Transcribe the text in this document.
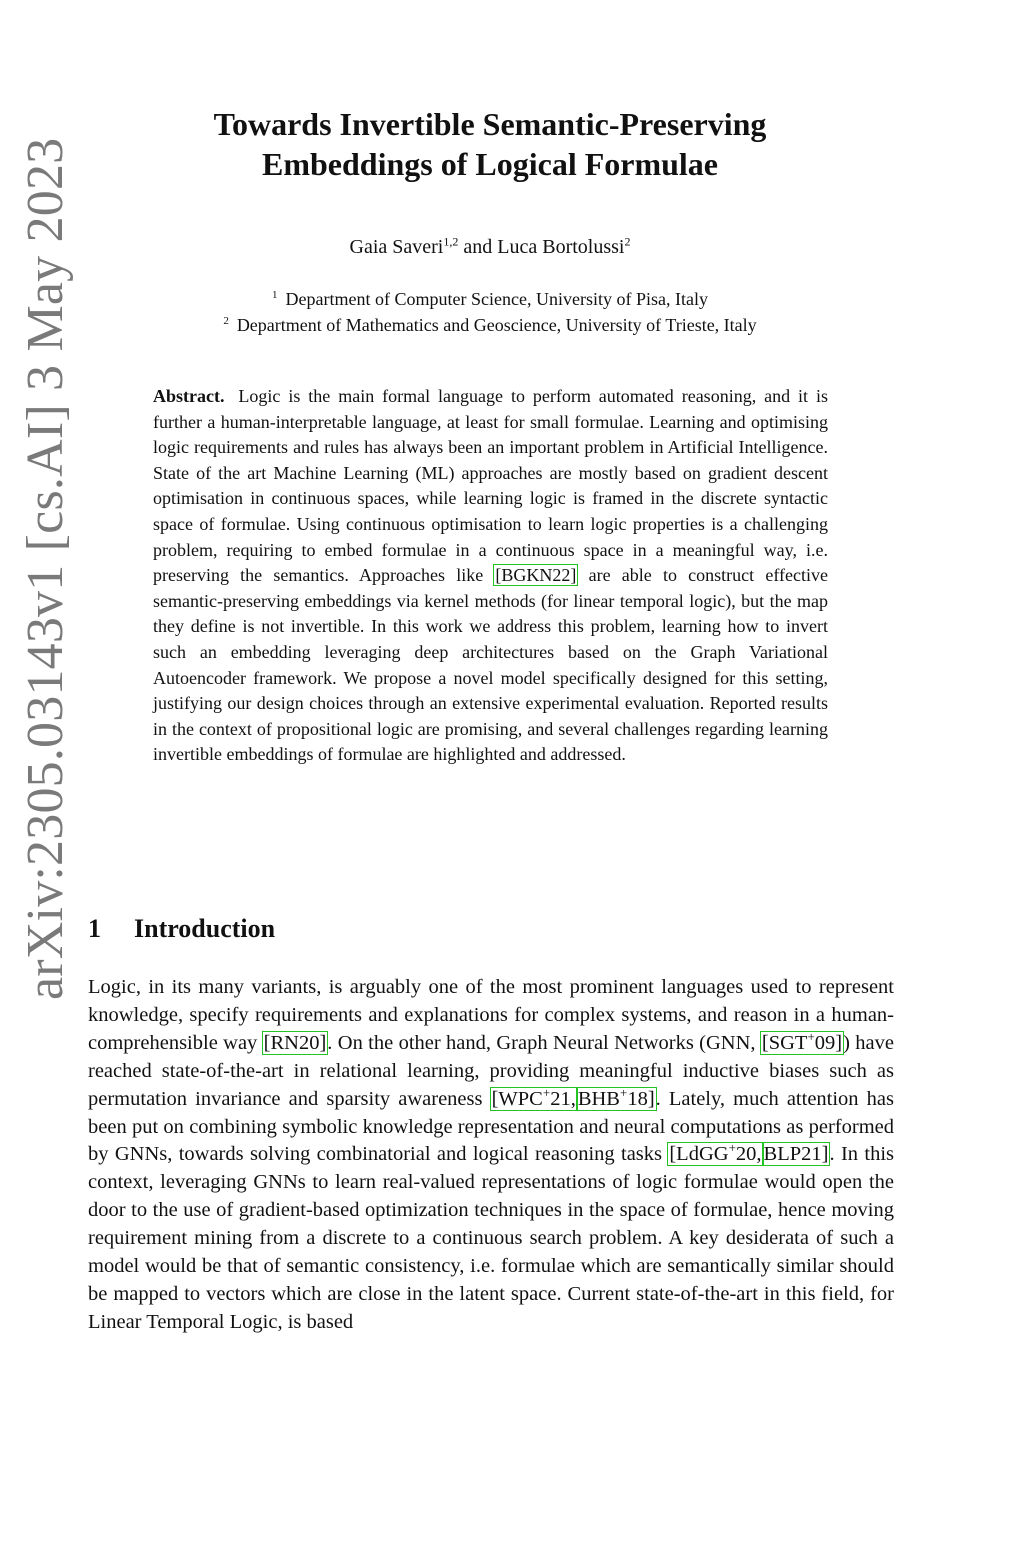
arXiv:2305.03143v1 [cs.AI] 3 May 2023
Towards Invertible Semantic-Preserving
Embeddings of Logical Formulae
Gaia Saveri$^{1,2}$ and Luca Bortolussi$^2$
$^1$ Department of Computer Science, University of Pisa, Italy
$^2$ Department of Mathematics and Geoscience, University of Trieste, Italy
Abstract. Logic is the main formal language to perform automated reasoning, and it is further a human-interpretable language, at least for small formulae. Learning and optimising logic requirements and rules has always been an important problem in Artificial Intelligence. State of the art Machine Learning (ML) approaches are mostly based on gradient descent optimisation in continuous spaces, while learning logic is framed in the discrete syntactic space of formulae. Using continuous optimisation to learn logic properties is a challenging problem, requiring to embed formulae in a continuous space in a meaningful way, i.e. preserving the semantics. Approaches like [BGKN22] are able to construct effective semantic-preserving embeddings via kernel methods (for linear temporal logic), but the map they define is not invertible. In this work we address this problem, learning how to invert such an embedding leveraging deep architectures based on the Graph Variational Autoencoder framework. We propose a novel model specifically designed for this setting, justifying our design choices through an extensive experimental evaluation. Reported results in the context of propositional logic are promising, and several challenges regarding learning invertible embeddings of formulae are highlighted and addressed.
1 Introduction
Logic, in its many variants, is arguably one of the most prominent languages used to represent knowledge, specify requirements and explanations for complex systems, and reason in a human-comprehensible way [RN20]. On the other hand, Graph Neural Networks (GNN, [SGT+09]) have reached state-of-the-art in relational learning, providing meaningful inductive biases such as permutation invariance and sparsity awareness [WPC+21,BHB+18]. Lately, much attention has been put on combining symbolic knowledge representation and neural computations as performed by GNNs, towards solving combinatorial and logical reasoning tasks [LdGG+20,BLP21]. In this context, leveraging GNNs to learn real-valued representations of logic formulae would open the door to the use of gradient-based optimization techniques in the space of formulae, hence moving requirement mining from a discrete to a continuous search problem. A key desiderata of such a model would be that of semantic consistency, i.e. formulae which are semantically similar should be mapped to vectors which are close in the latent space. Current state-of-the-art in this field, for Linear Temporal Logic, is based
